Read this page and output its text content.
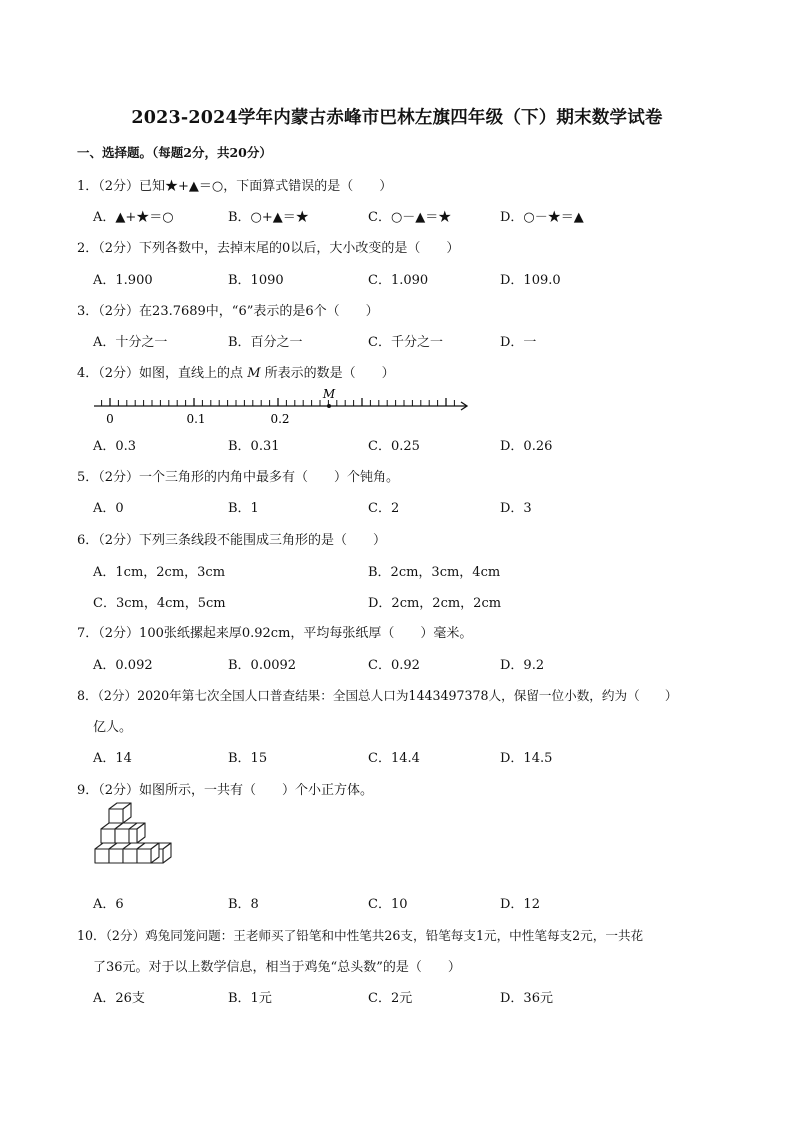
2023-2024学年内蒙古赤峰市巴林左旗四年级（下）期末数学试卷
一、选择题。（每题2分，共20分）
1．（2分）已知★+▲＝○，下面算式错误的是（　　）
A．▲+★＝○	B．○+▲＝★	C．○－▲＝★	D．○－★＝▲
2．（2分）下列各数中，去掉末尾的0以后，大小改变的是（　　）
A．1.900	B．1090	C．1.090	D．109.0
3．（2分）在23.7689中，“6”表示的是6个（　　）
A．十分之一	B．百分之一	C．千分之一	D．一
4．（2分）如图，直线上的点 M 所表示的数是（　　）
0	0.1	0.2
M
A．0.3	B．0.31	C．0.25	D．0.26
5．（2分）一个三角形的内角中最多有（　　）个钝角。
A．0	B．1	C．2	D．3
6．（2分）下列三条线段不能围成三角形的是（　　）
A．1cm，2cm，3cm	B．2cm，3cm，4cm
C．3cm，4cm，5cm	D．2cm，2cm，2cm
7．（2分）100张纸摞起来厚0.92cm，平均每张纸厚（　　）毫米。
A．0.092	B．0.0092	C．0.92	D．9.2
8．（2分）2020年第七次全国人口普查结果：全国总人口为1443497378人，保留一位小数，约为（　　）
亿人。
A．14	B．15	C．14.4	D．14.5
9．（2分）如图所示，一共有（　　）个小正方体。
A．6	B．8	C．10	D．12
10．（2分）鸡兔同笼问题：王老师买了铅笔和中性笔共26支，铅笔每支1元，中性笔每支2元，一共花
了36元。对于以上数学信息，相当于鸡兔“总头数”的是（　　）
A．26支	B．1元	C．2元	D．36元
